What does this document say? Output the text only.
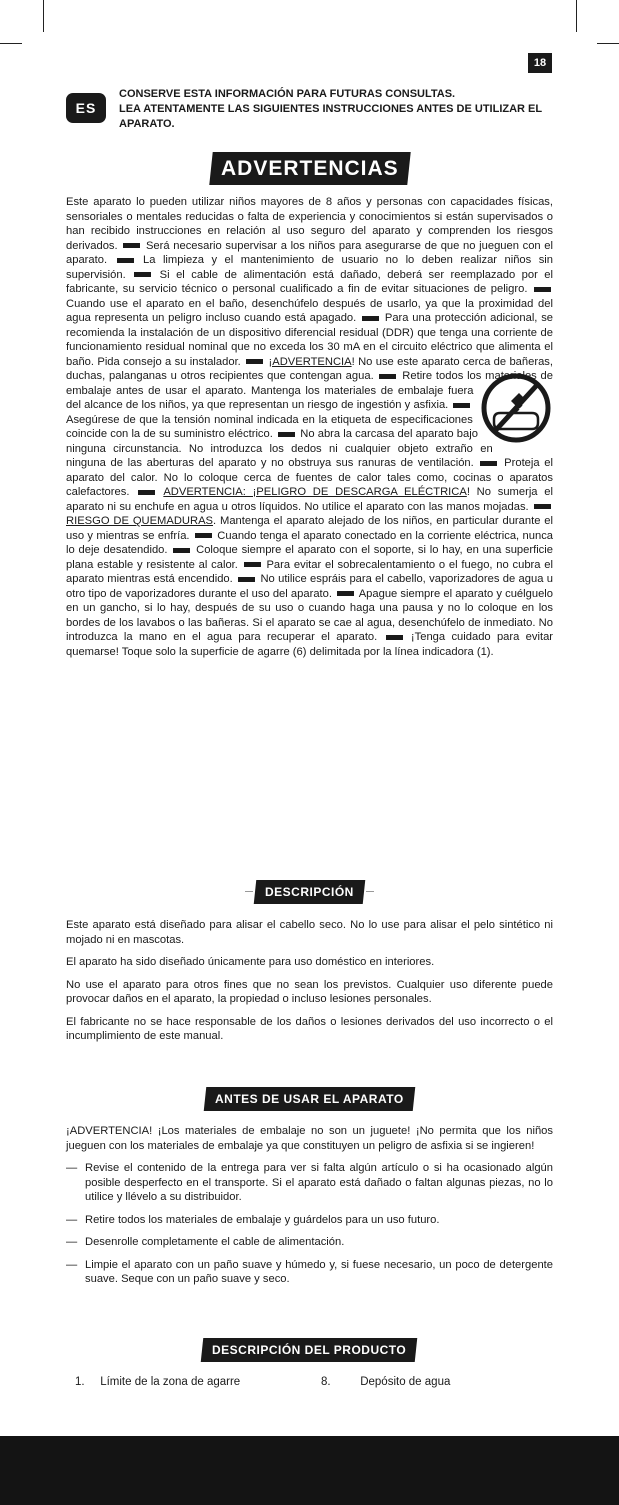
18
ES

CONSERVE ESTA INFORMACIÓN PARA FUTURAS CONSULTAS.
LEA ATENTAMENTE LAS SIGUIENTES INSTRUCCIONES ANTES DE UTILIZAR EL APARATO.

ADVERTENCIAS

Este aparato lo pueden utilizar niños mayores de 8 años y personas con capacidades físicas, sensoriales o mentales reducidas o falta de experiencia y conocimientos si están supervisados o han recibido instrucciones en relación al uso seguro del aparato y comprenden los riesgos derivados.	Será necesario supervisar a los niños para asegurarse de que no jueguen con el aparato.	La limpieza y el mantenimiento de usuario no lo deben realizar niños sin supervisión.	Si el cable de alimentación está dañado, deberá ser reemplazado por el fabricante, su servicio técnico o personal cualificado a fin de evitar situaciones de peligro.  Cuando use el aparato en el baño, desenchúfelo después de usarlo, ya que la proximidad del agua representa un peligro incluso cuando está apagado.	Para una protección adicional, se recomienda la instalación de un dispositivo diferencial residual (DDR) que tenga una corriente de funcionamiento residual nominal que no exceda los 30 mA en el circuito eléctrico que alimenta el baño. Pida consejo a su instalador. ¡ADVERTENCIA! No use este aparato cerca de bañeras, duchas, palanganas u otros recipientes que contengan agua.	Retire todos los materiales de embalaje antes de usar el aparato. Mantenga los materiales de embalaje fuera del alcance de los niños, ya que representan un riesgo de ingestión y asfixia.  Asegúrese de que la tensión nominal indicada en la etiqueta de especificaciones coincide con la de su suministro eléctrico. No abra la carcasa del aparato bajo ninguna circunstancia. No introduzca los dedos ni cualquier objeto extraño en ninguna de las aberturas del aparato y no obstruya sus ranuras de ventilación.	Proteja el aparato del calor. No lo coloque cerca de fuentes de calor tales como, cocinas o aparatos calefactores.	ADVERTENCIA: ¡PELIGRO DE DESCARGA ELÉCTRICA! No sumerja el aparato ni su enchufe en agua u otros líquidos. No utilice el aparato con las manos mojadas.  RIESGO DE QUEMADURAS. Mantenga el aparato alejado de los niños, en particular durante el uso y mientras se enfría. Cuando tenga el aparato conectado en la corriente eléctrica, nunca lo deje desatendido.	Coloque siempre el aparato con el soporte, si lo hay, en una superficie plana estable y resistente al calor.	Para evitar el sobrecalentamiento o el fuego, no cubra el aparato mientras está encendido. No utilice espráis para el cabello, vaporizadores de agua u otro tipo de vaporizadores durante el uso del aparato. Apague siempre el aparato y cuélguelo en un gancho, si lo hay, después de su uso o cuando haga una pausa y no lo coloque en los bordes de los lavabos o las bañeras. Si el aparato se cae al agua, desenchúfelo de inmediato. No introduzca la mano en el agua para recuperar el aparato.	¡Tenga cuidado para evitar quemarse! Toque solo la superficie de agarre (6) delimitada por la línea indicadora (1).

DESCRIPCIÓN

Este aparato está diseñado para alisar el cabello seco. No lo use para alisar el pelo sintético ni mojado ni en mascotas.

El aparato ha sido diseñado únicamente para uso doméstico en interiores.

No use el aparato para otros fines que no sean los previstos. Cualquier uso diferente puede provocar daños en el aparato, la propiedad o incluso lesiones personales.

El fabricante no se hace responsable de los daños o lesiones derivados del uso incorrecto o el incumplimiento de este manual.

ANTES DE USAR EL APARATO

¡ADVERTENCIA! ¡Los materiales de embalaje no son un juguete! ¡No permita que los niños jueguen con los materiales de embalaje ya que constituyen un peligro de asfixia si se ingieren!

— Revise el contenido de la entrega para ver si falta algún artículo o si ha ocasionado algún posible desperfecto en el transporte. Si el aparato está dañado o faltan algunas piezas, no lo utilice y llévelo a su distribuidor.
— Retire todos los materiales de embalaje y guárdelos para un uso futuro.
— Desenrolle completamente el cable de alimentación.
— Limpie el aparato con un paño suave y húmedo y, si fuese necesario, un poco de detergente suave. Seque con un paño suave y seco.
DESCRIPCIÓN DEL PRODUCTO
1. Límite de la zona de agarre	8.	Depósito de agua
